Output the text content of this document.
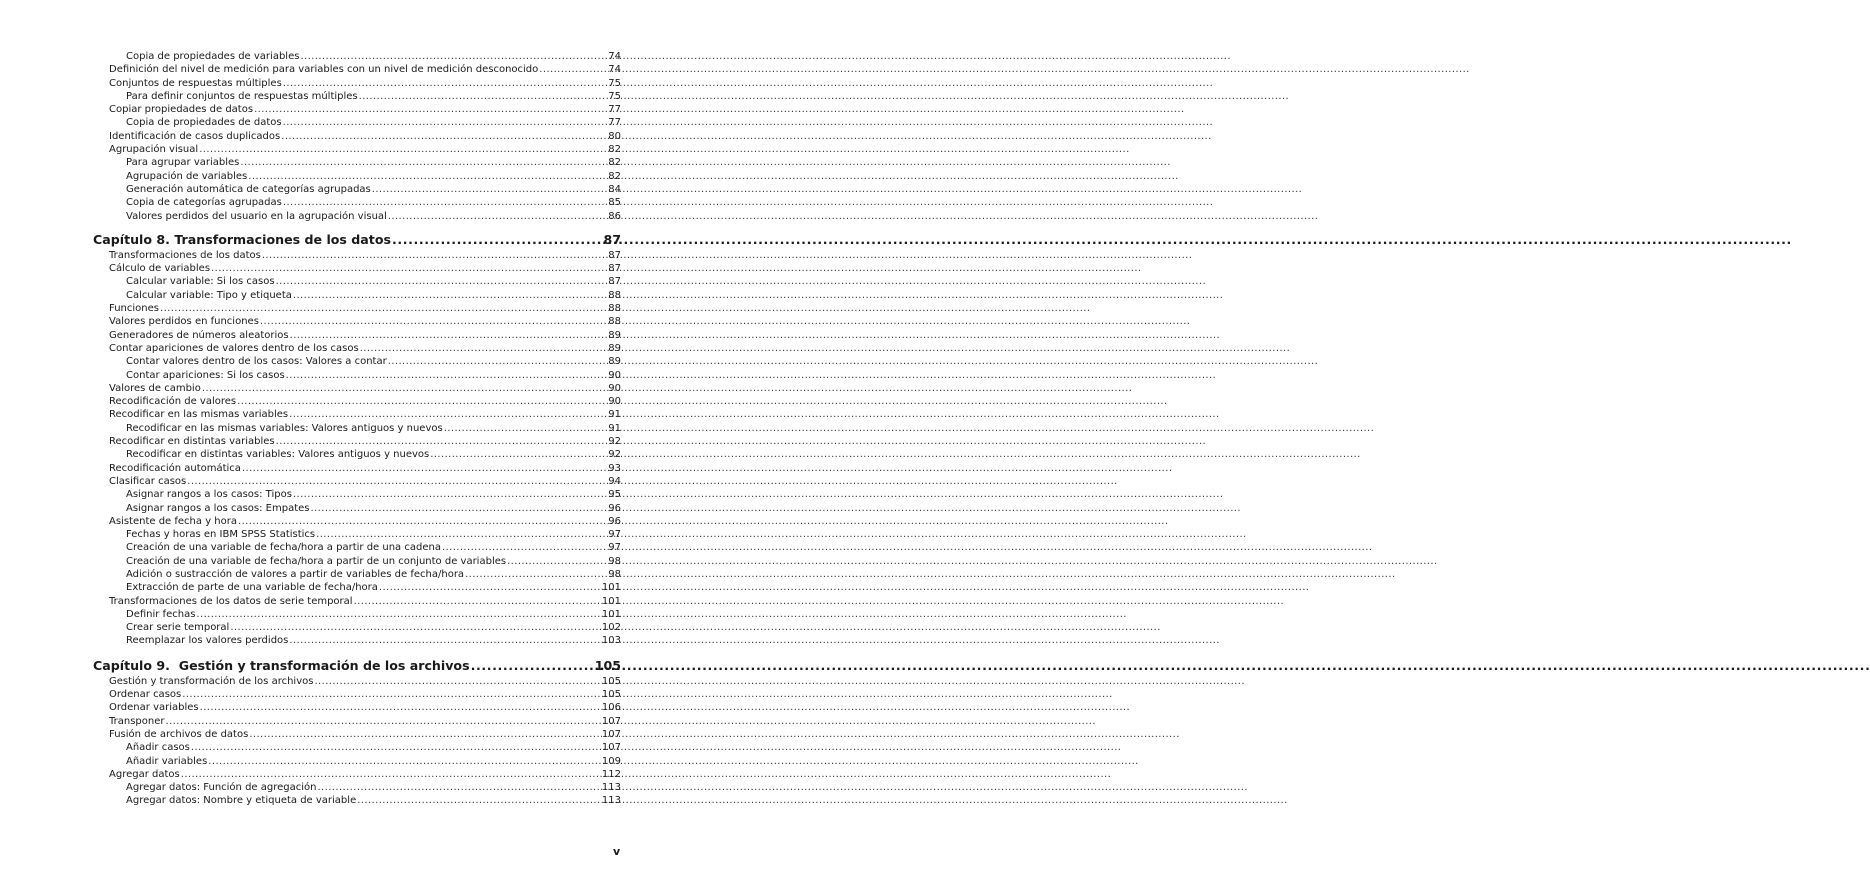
Copia de propiedades de variables .....	74
Definición del nivel de medición para variables con un nivel de medición desconocido .....	74
Conjuntos de respuestas múltiples .....	75
Para definir conjuntos de respuestas múltiples .....	75
Copiar propiedades de datos .....	77
Copia de propiedades de datos .....	77
Identificación de casos duplicados .....	80
Agrupación visual .....	82
Para agrupar variables .....	82
Agrupación de variables .....	82
Generación automática de categorías agrupadas .....	84
Copia de categorías agrupadas .....	85
Valores perdidos del usuario en la agrupación visual .....	86
Capítulo 8. Transformaciones de los datos .....	87
Transformaciones de los datos .....	87
Cálculo de variables .....	87
Calcular variable: Si los casos .....	87
Calcular variable: Tipo y etiqueta .....	88
Funciones .....	88
Valores perdidos en funciones .....	88
Generadores de números aleatorios .....	89
Contar apariciones de valores dentro de los casos .....	89
Contar valores dentro de los casos: Valores a contar .....	89
Contar apariciones: Si los casos .....	90
Valores de cambio .....	90
Recodificación de valores .....	90
Recodificar en las mismas variables .....	91
Recodificar en las mismas variables: Valores antiguos y nuevos .....	91
Recodificar en distintas variables .....	92
Recodificar en distintas variables: Valores antiguos y nuevos .....	92
Recodificación automática .....	93
Clasificar casos .....	94
Asignar rangos a los casos: Tipos .....	95
Asignar rangos a los casos: Empates .....	96
Asistente de fecha y hora .....	96
Fechas y horas en IBM SPSS Statistics .....	97
Creación de una variable de fecha/hora a partir de una cadena .....	97
Creación de una variable de fecha/hora a partir de un conjunto de variables .....	98
Adición o sustracción de valores a partir de variables de fecha/hora .....	98
Extracción de parte de una variable de fecha/hora .....	101
Transformaciones de los datos de serie temporal .....	101
Definir fechas .....	101
Crear serie temporal .....	102
Reemplazar los valores perdidos .....	103
Capítulo 9.  Gestión y transformación de los archivos .....	105
Gestión y transformación de los archivos .....	105
Ordenar casos .....	105
Ordenar variables .....	106
Transponer .....	107
Fusión de archivos de datos .....	107
Añadir casos .....	107
Añadir variables .....	109
Agregar datos .....	112
Agregar datos: Función de agregación .....	113
Agregar datos: Nombre y etiqueta de variable .....	113
v
